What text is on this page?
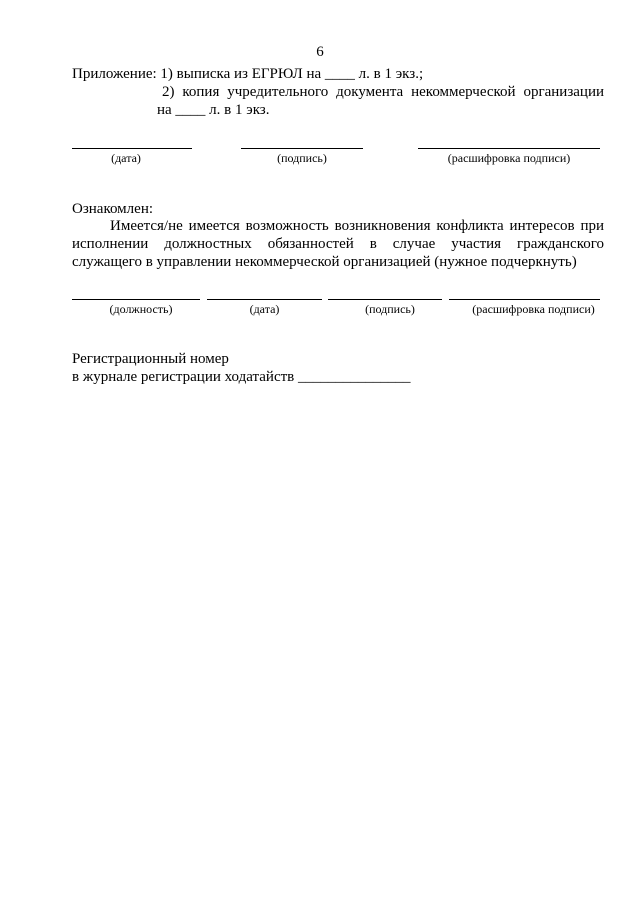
6
Приложение: 1) выписка из ЕГРЮЛ на ____ л. в 1 экз.;
2) копия учредительного документа некоммерческой организации
на ____ л. в 1 экз.
(дата)	(подпись)	(расшифровка подписи)
Ознакомлен:
Имеется/не имеется возможность возникновения конфликта интересов при исполнении должностных обязанностей в случае участия гражданского служащего в управлении некоммерческой организацией (нужное подчеркнуть)
(должность)	(дата)	(подпись)	(расшифровка подписи)
Регистрационный номер
в журнале регистрации ходатайств _______________
